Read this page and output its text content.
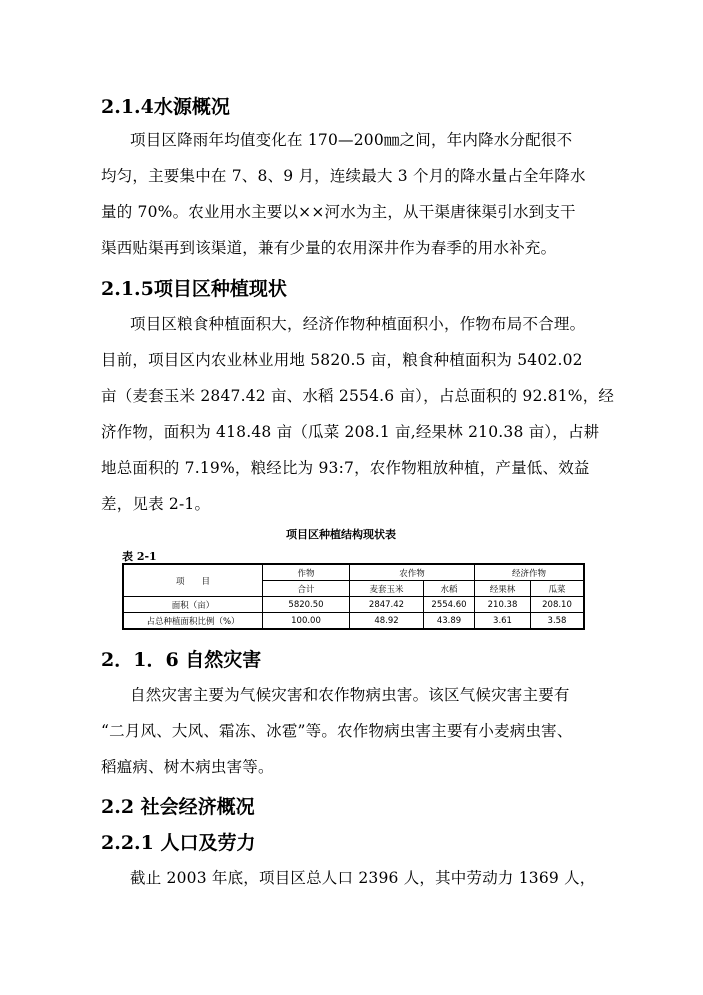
2.1.4水源概况
项目区降雨年均值变化在 170—200㎜之间，年内降水分配很不
均匀，主要集中在 7、8、9 月，连续最大 3 个月的降水量占全年降水
量的 70%。农业用水主要以××河水为主，从干渠唐徕渠引水到支干
渠西贴渠再到该渠道，兼有少量的农用深井作为春季的用水补充。
2.1.5项目区种植现状
项目区粮食种植面积大，经济作物种植面积小，作物布局不合理。
目前，项目区内农业林业用地 5820.5 亩，粮食种植面积为 5402.02
亩（麦套玉米 2847.42 亩、水稻 2554.6 亩），占总面积的 92.81%，经
济作物，面积为 418.48 亩（瓜菜 208.1 亩,经果林 210.38 亩），占耕
地总面积的 7.19%，粮经比为 93:7，农作物粗放种植，产量低、效益
差，见表 2-1。
项目区种植结构现状表
表 2-1
项　　目	作物	农作物		经济作物	
	合计	麦套玉米	水稻	经果林	瓜菜
面积（亩）	5820.50	2847.42	2554.60	210.38	208.10
占总种植面积比例（%）	100.00	48.92	43.89	3.61	3.58
2．1．6 自然灾害
自然灾害主要为气候灾害和农作物病虫害。该区气候灾害主要有
“二月风、大风、霜冻、冰雹”等。农作物病虫害主要有小麦病虫害、
稻瘟病、树木病虫害等。
2.2 社会经济概况
2.2.1 人口及劳力
截止 2003 年底，项目区总人口 2396 人，其中劳动力 1369 人，
